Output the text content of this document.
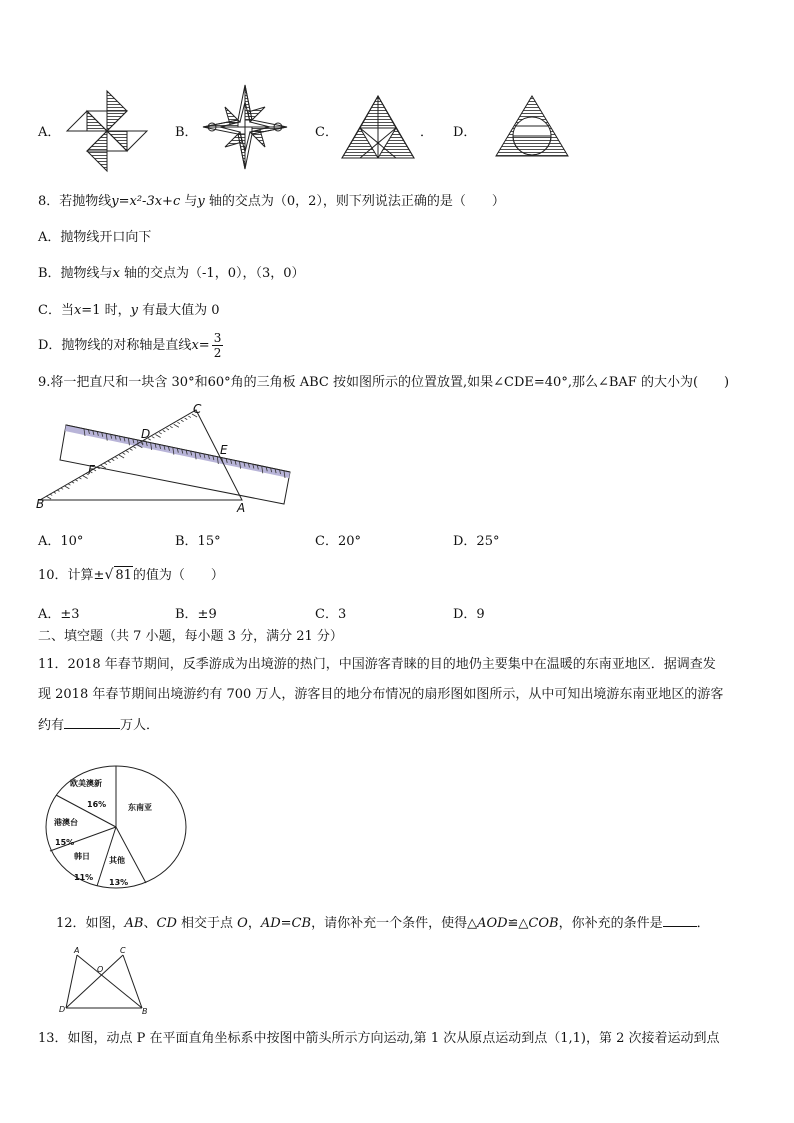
A．	B．	C．	． D．
8．若抛物线y=x²-3x+c 与y 轴的交点为（0，2），则下列说法正确的是（　　）
A．抛物线开口向下
B．抛物线与x 轴的交点为（-1，0），（3，0）
C．当x=1 时，y 有最大值为 0
D．抛物线的对称轴是直线$x= \frac{3}{2}$
9.将一把直尺和一块含 30°和60°角的三角板 ABC 按如图所示的位置放置,如果∠CDE=40°,那么∠BAF 的大小为(　　)
C
D
E
F
B	A
A．10°	B．15°	C．20°	D．25°
10．计算±√ 81的值为（　　）
A．±3	B．±9	C．3	D．9
二、填空题（共 7 小题，每小题 3 分，满分 21 分）
11．2018 年春节期间，反季游成为出境游的热门，中国游客青睐的目的地仍主要集中在温暖的东南亚地区．据调查发
现 2018 年春节期间出境游约有 700 万人，游客目的地分布情况的扇形图如图所示，从中可知出境游东南亚地区的游客
约有	万人．
欧美澳新
16%	东南亚
港澳台
15%
韩日
11%
其他
13%
12．如图，AB、CD 相交于点 O，AD=CB，请你补充一个条件，使得△AOD≌△COB，你补充的条件是	．
A	C
O
D	B
13．如图，动点 P 在平面直角坐标系中按图中箭头所示方向运动,第 1 次从原点运动到点（1,1)，第 2 次接着运动到点
